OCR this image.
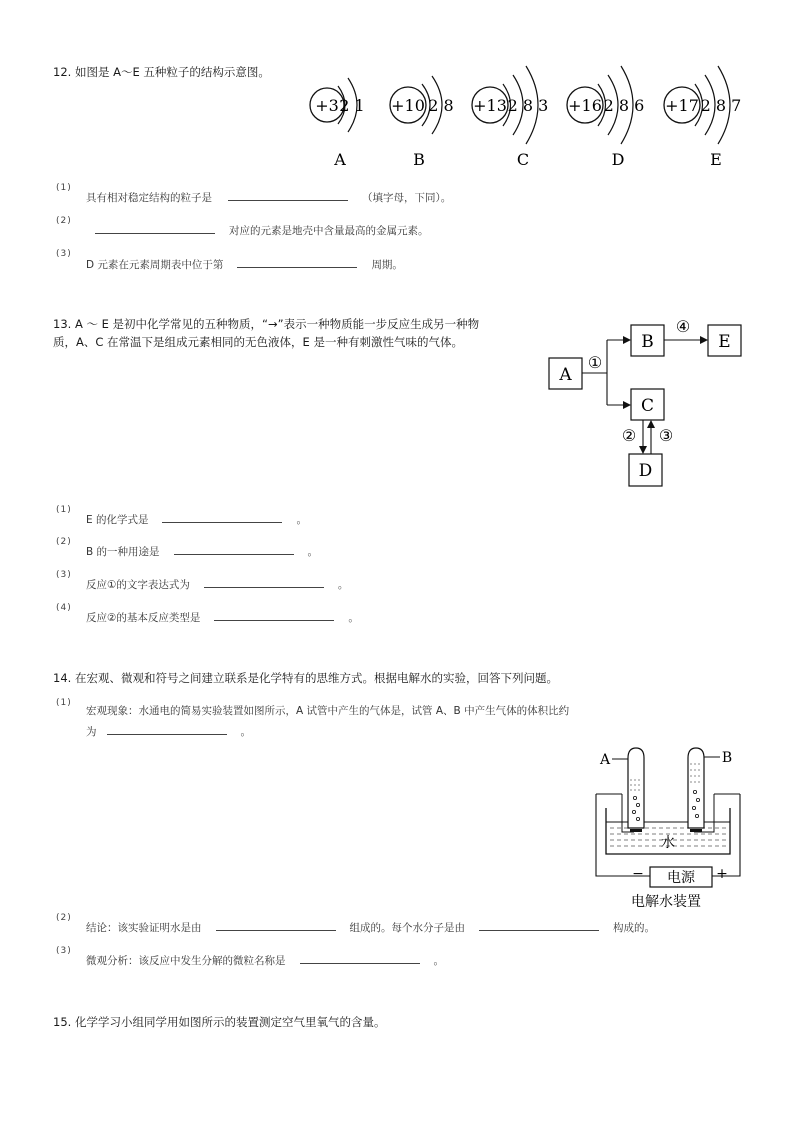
12. 如图是 A～E 五种粒子的结构示意图。
+3 2 1
A
+10 2 8
B
+13 2 8 3
C
+16 2 8 6
D
+17 2 8 7
E
(1)
具有相对稳定结构的粒子是	（填字母，下同）。
(2)
对应的元素是地壳中含量最高的金属元素。
(3)
D 元素在元素周期表中位于第	周期。
13. A ～ E 是初中化学常见的五种物质，“→”表示一种物质能一步反应生成另一种物
质，A、C 在常温下是组成元素相同的无色液体，E 是一种有刺激性气味的气体。
A
B
C
D
E
①
④
② ③
(1)
E 的化学式是	。
(2)
B 的一种用途是	。
(3)
反应①的文字表达式为	。
(4)
反应②的基本反应类型是	。
14. 在宏观、微观和符号之间建立联系是化学特有的思维方式。根据电解水的实验，回答下列问题。
(1)
宏观现象：水通电的简易实验装置如图所示，A 试管中产生的气体是，试管 A、B 中产生气体的体积比约
为	。
水
A	B
电源
−	+
电解水装置
(2)
结论：该实验证明水是由	组成的。每个水分子是由	构成的。
(3)
微观分析：该反应中发生分解的微粒名称是	。
15. 化学学习小组同学用如图所示的装置测定空气里氧气的含量。
